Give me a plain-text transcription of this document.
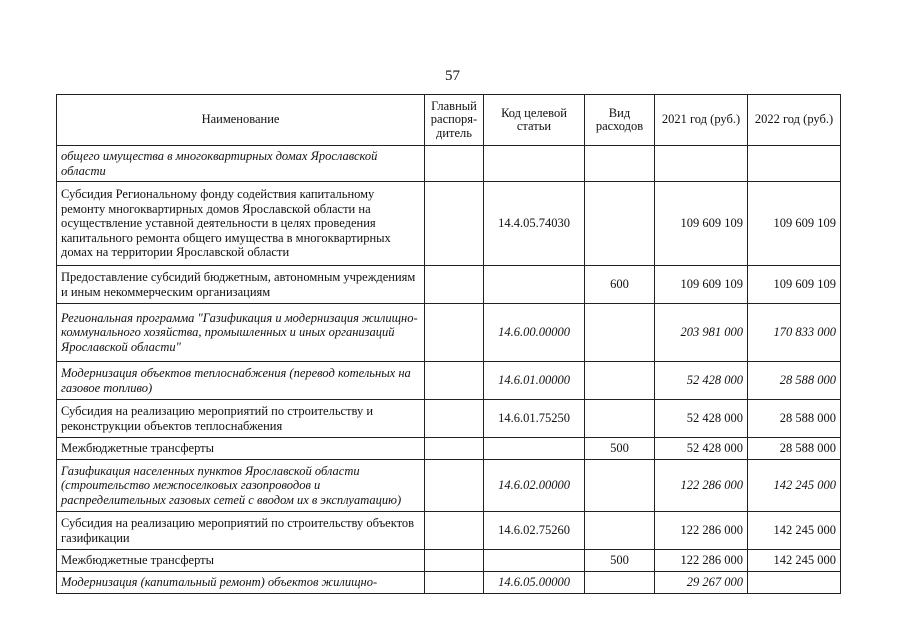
57
Наименование	Главный распоря-дитель	Код целевой статьи	Вид расходов	2021 год (руб.)	2022 год (руб.)
общего имущества в многоквартирных домах Ярославской области					
Субсидия Региональному фонду содействия капитальному ремонту многоквартирных домов Ярославской области на осуществление уставной деятельности в целях проведения капитального ремонта общего имущества в многоквартирных домах на территории Ярославской области		14.4.05.74030		109 609 109	109 609 109
Предоставление субсидий бюджетным, автономным учреждениям и иным некоммерческим организациям			600	109 609 109	109 609 109
Региональная программа "Газификация и модернизация жилищно-коммунального хозяйства, промышленных и иных организаций Ярославской области"		14.6.00.00000		203 981 000	170 833 000
Модернизация объектов теплоснабжения (перевод котельных на газовое топливо)		14.6.01.00000		52 428 000	28 588 000
Субсидия на реализацию мероприятий по строительству и реконструкции объектов теплоснабжения		14.6.01.75250		52 428 000	28 588 000
Межбюджетные трансферты			500	52 428 000	28 588 000
Газификация населенных пунктов Ярославской области (строительство межпоселковых газопроводов и распределительных газовых сетей с вводом их в эксплуатацию)		14.6.02.00000		122 286 000	142 245 000
Субсидия на реализацию мероприятий по строительству объектов газификации		14.6.02.75260		122 286 000	142 245 000
Межбюджетные трансферты			500	122 286 000	142 245 000
Модернизация (капитальный ремонт) объектов жилищно-		14.6.05.00000		29 267 000	
